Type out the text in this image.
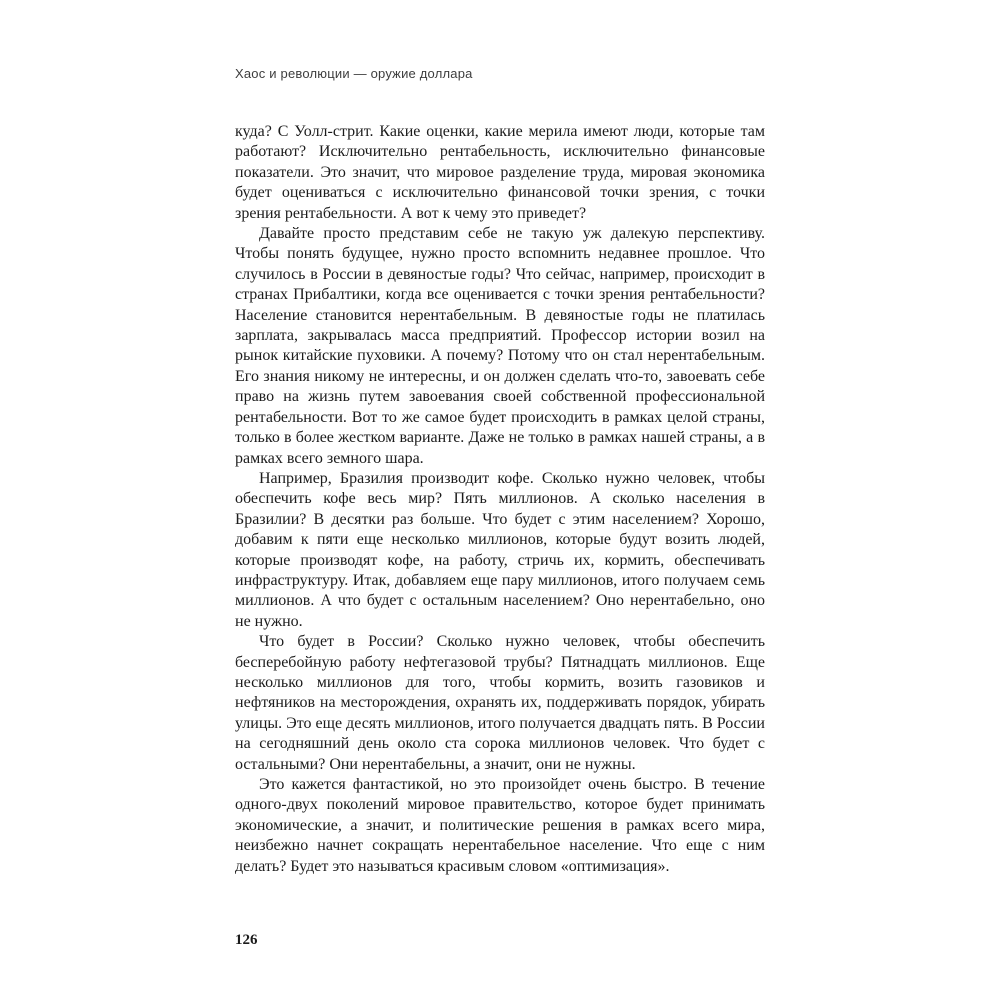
Хаос и революции — оружие доллара

куда? С Уолл-стрит. Какие оценки, какие мерила имеют люди, которые там работают? Исключительно рентабельность, исключительно финансовые показатели. Это значит, что мировое разделение труда, мировая экономика будет оцениваться с исключительно финансовой точки зрения, с точки зрения рентабельности. А вот к чему это приведет?

Давайте просто представим себе не такую уж далекую перспективу. Чтобы понять будущее, нужно просто вспомнить недавнее прошлое. Что случилось в России в девяностые годы? Что сейчас, например, происходит в странах Прибалтики, когда все оценивается с точки зрения рентабельности? Население становится нерентабельным. В девяностые годы не платилась зарплата, закрывалась масса предприятий. Профессор истории возил на рынок китайские пуховики. А почему? Потому что он стал нерентабельным. Его знания никому не интересны, и он должен сделать что-то, завоевать себе право на жизнь путем завоевания своей собственной профессиональной рентабельности. Вот то же самое будет происходить в рамках целой страны, только в более жестком варианте. Даже не только в рамках нашей страны, а в рамках всего земного шара.

Например, Бразилия производит кофе. Сколько нужно человек, чтобы обеспечить кофе весь мир? Пять миллионов. А сколько населения в Бразилии? В десятки раз больше. Что будет с этим населением? Хорошо, добавим к пяти еще несколько миллионов, которые будут возить людей, которые производят кофе, на работу, стричь их, кормить, обеспечивать инфраструктуру. Итак, добавляем еще пару миллионов, итого получаем семь миллионов. А что будет с остальным населением? Оно нерентабельно, оно не нужно.

Что будет в России? Сколько нужно человек, чтобы обеспечить бесперебойную работу нефтегазовой трубы? Пятнадцать миллионов. Еще несколько миллионов для того, чтобы кормить, возить газовиков и нефтяников на месторождения, охранять их, поддерживать порядок, убирать улицы. Это еще десять миллионов, итого получается двадцать пять. В России на сегодняшний день около ста сорока миллионов человек. Что будет с остальными? Они нерентабельны, а значит, они не нужны.

Это кажется фантастикой, но это произойдет очень быстро. В течение одного-двух поколений мировое правительство, которое будет принимать экономические, а значит, и политические решения в рамках всего мира, неизбежно начнет сокращать нерентабельное население. Что еще с ним делать? Будет это называться красивым словом «оптимизация».

126
